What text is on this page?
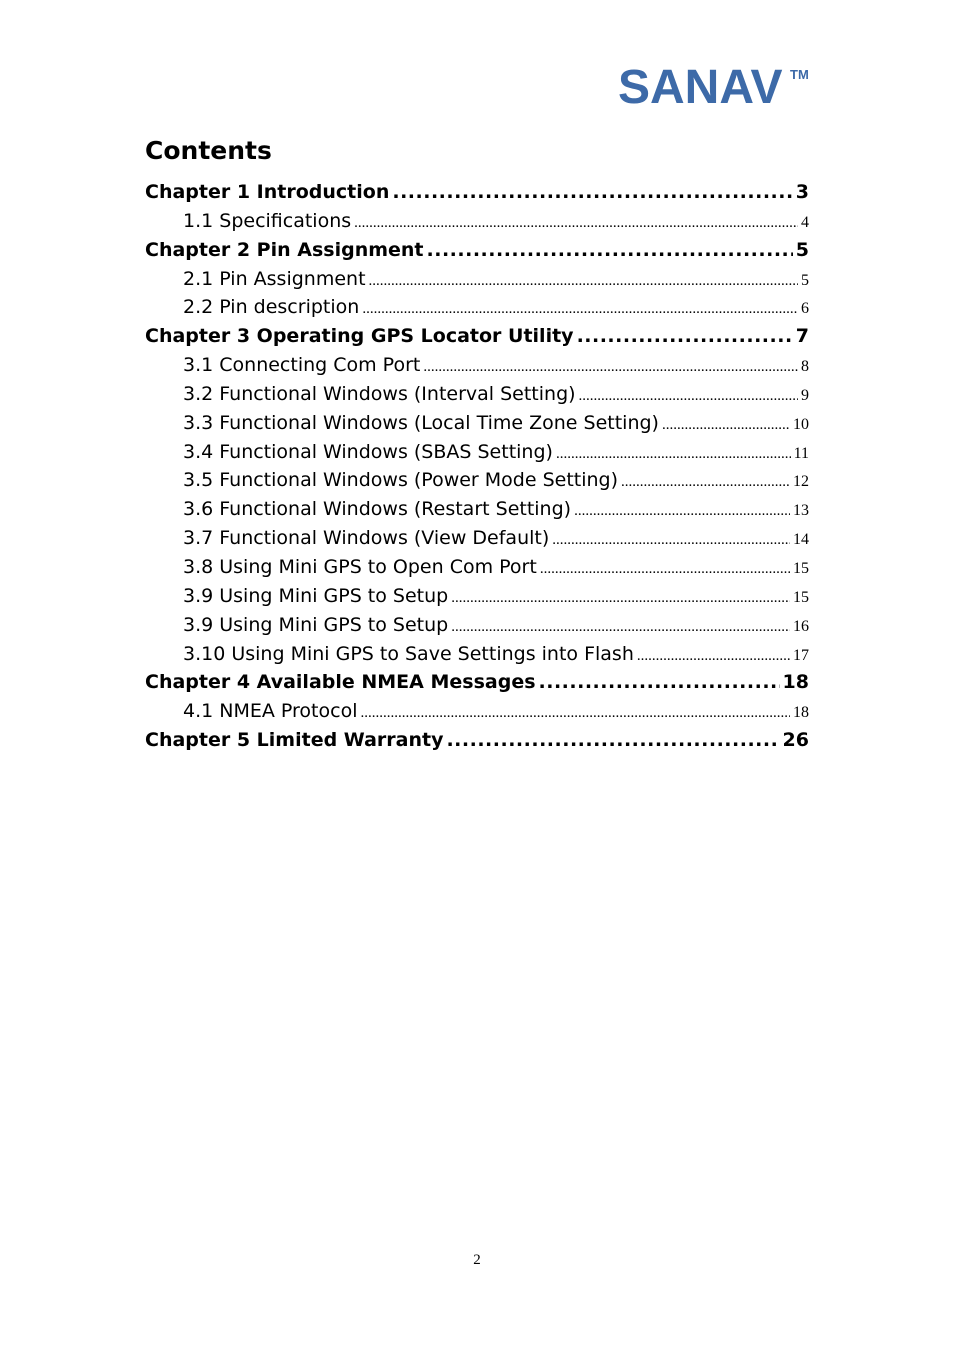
SANAV TM
Contents
Chapter 1 Introduction .....	3
1.1 Specifications .....	4
Chapter 2 Pin Assignment .....	5
2.1 Pin Assignment .....	5
2.2 Pin description .....	6
Chapter 3 Operating GPS Locator Utility .....	7
3.1 Connecting Com Port .....	8
3.2 Functional Windows (Interval Setting) .....	9
3.3 Functional Windows (Local Time Zone Setting) .....	10
3.4 Functional Windows (SBAS Setting) .....	11
3.5 Functional Windows (Power Mode Setting) .....	12
3.6 Functional Windows (Restart Setting) .....	13
3.7 Functional Windows (View Default) .....	14
3.8 Using Mini GPS to Open Com Port .....	15
3.9 Using Mini GPS to Setup .....	15
3.9 Using Mini GPS to Setup .....	16
3.10 Using Mini GPS to Save Settings into Flash .....	17
Chapter 4 Available NMEA Messages .....	18
4.1 NMEA Protocol .....	18
Chapter 5 Limited Warranty .....	26
2
